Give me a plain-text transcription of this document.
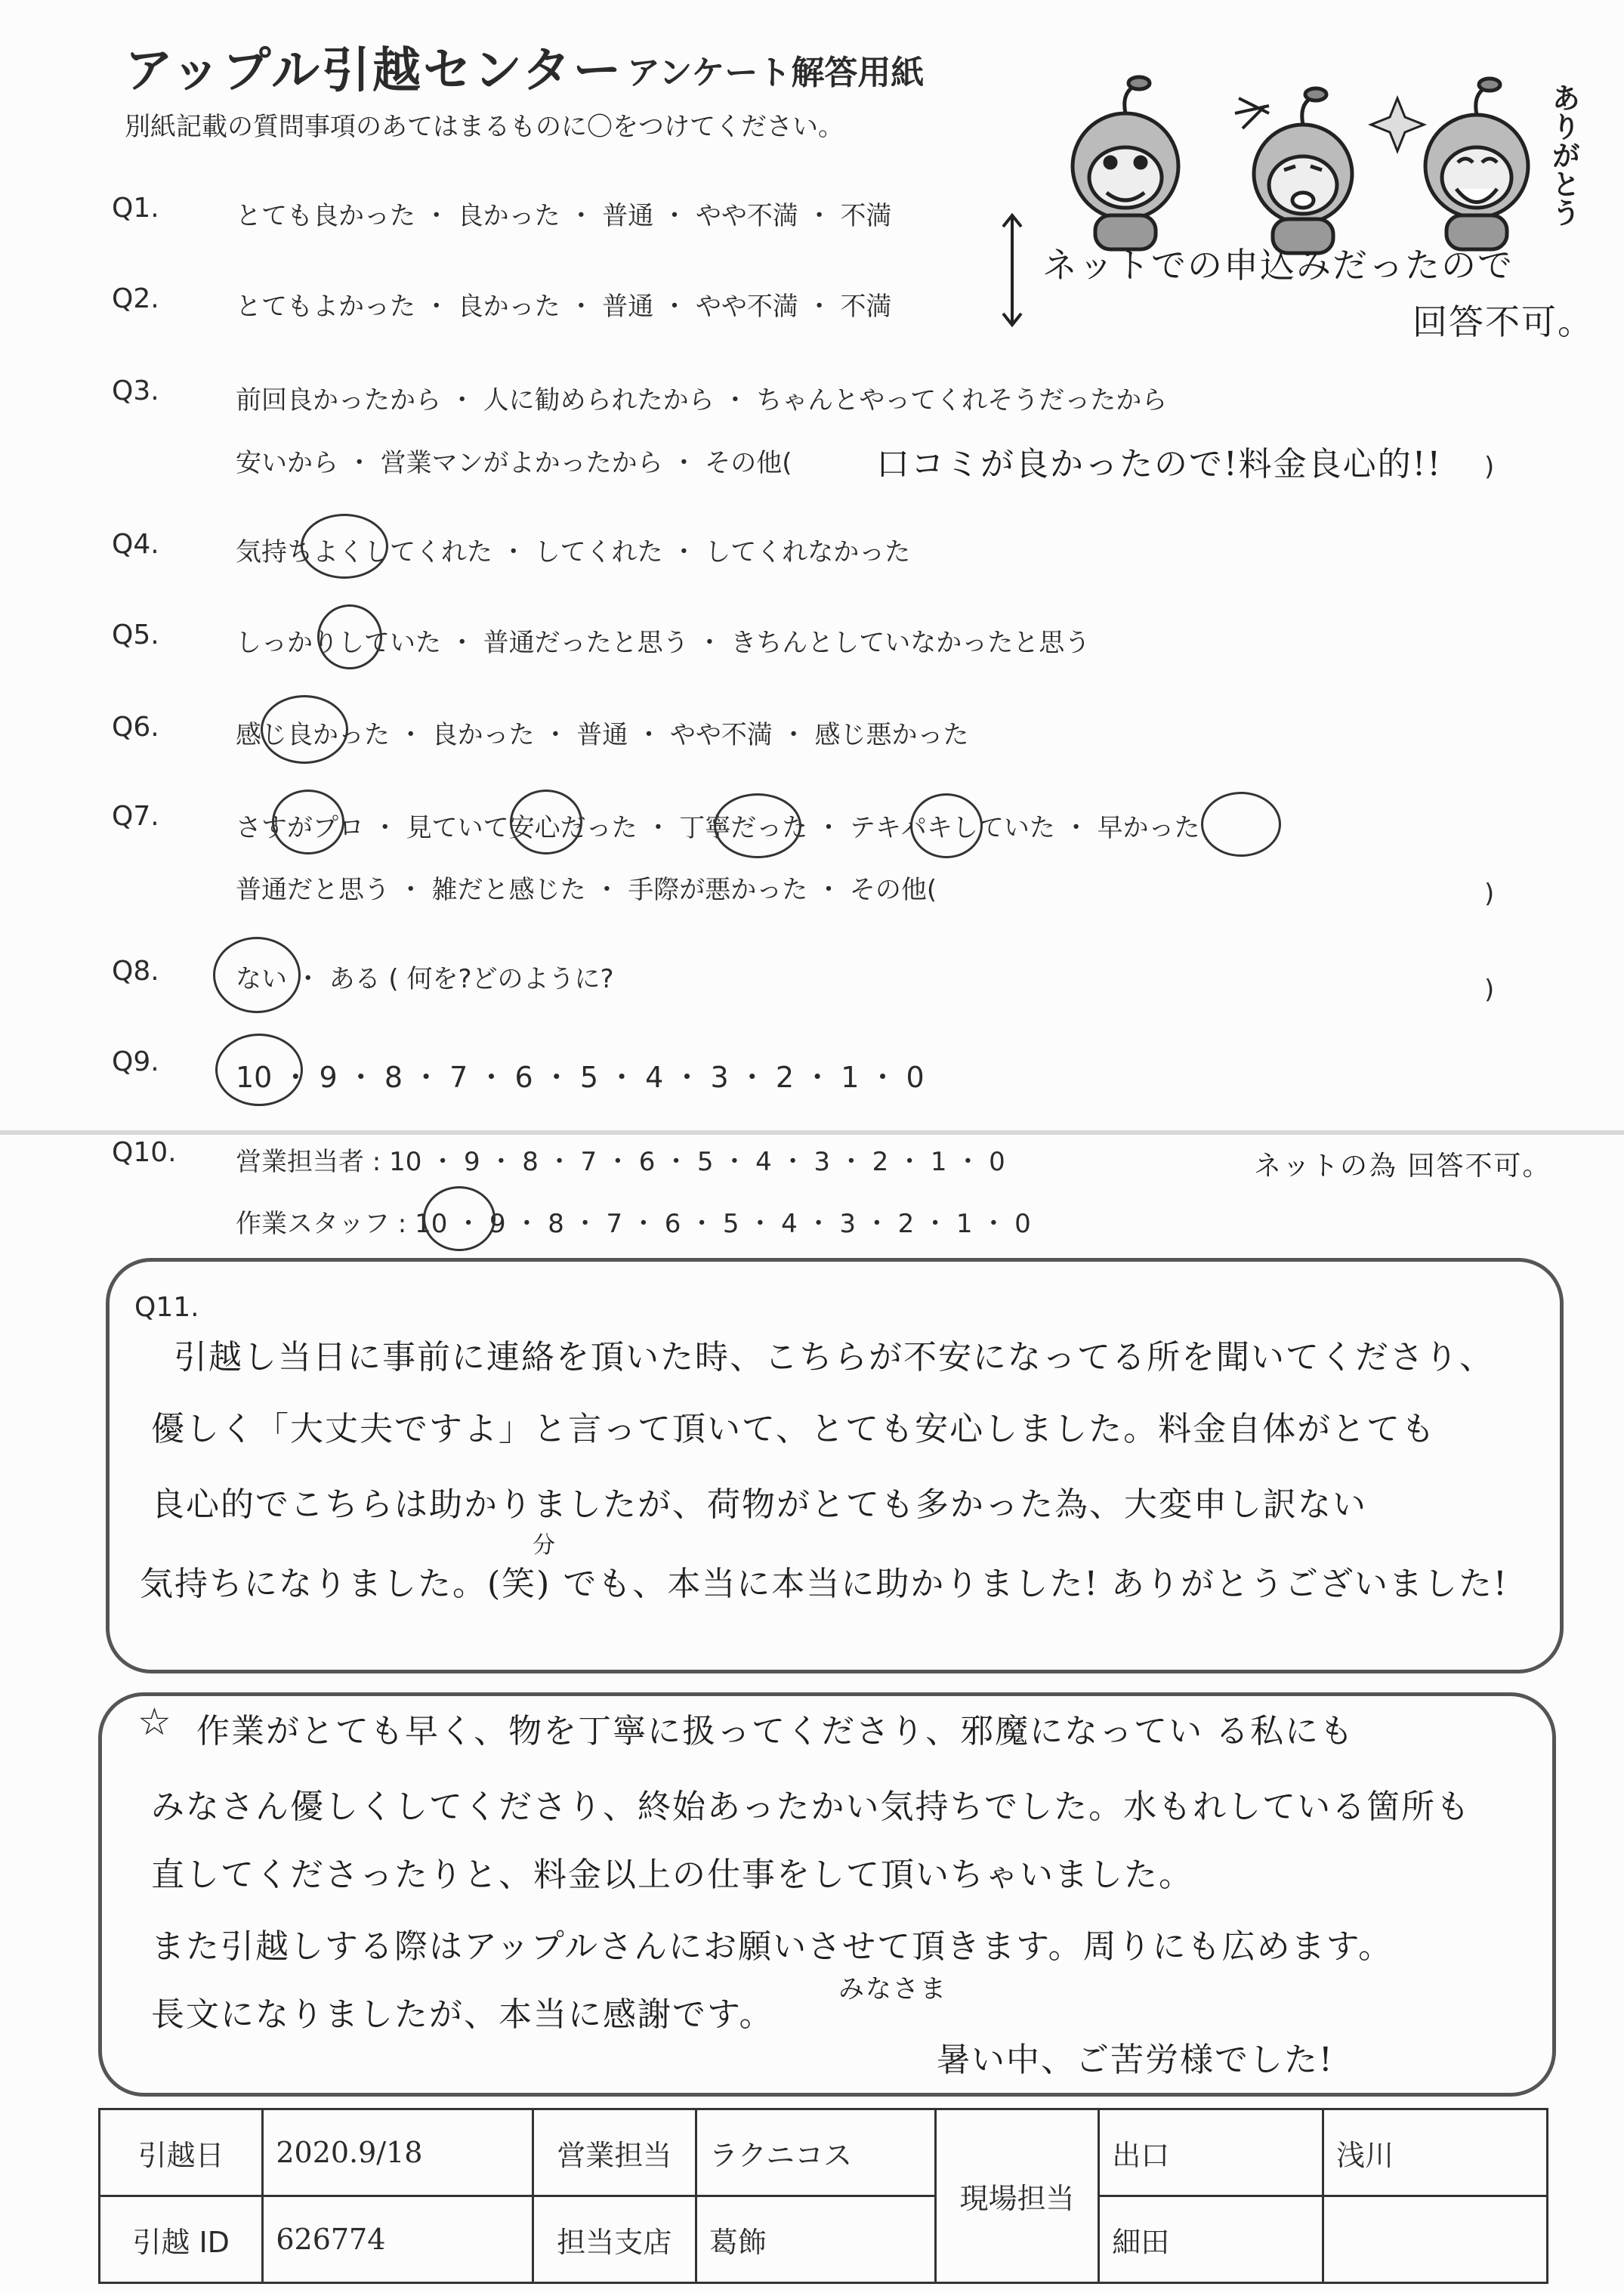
アップル引越センター アンケート解答用紙
別紙記載の質問事項のあてはまるものに〇をつけてください。	ありがとう
Q1.	とても良かった ・ 良かった ・ 普通 ・ やや不満 ・ 不満
Q2.	とてもよかった ・ 良かった ・ 普通 ・ やや不満 ・ 不満
Q3.	前回良かったから ・ 人に勧められたから ・ ちゃんとやってくれそうだったから
安いから ・ 営業マンがよかったから ・ その他(	)
Q4.	気持ちよくしてくれた ・ してくれた ・ してくれなかった
Q5.	しっかりしていた ・ 普通だったと思う ・ きちんとしていなかったと思う
Q6.	感じ良かった ・ 良かった ・ 普通 ・ やや不満 ・ 感じ悪かった
Q7.	さすがプロ ・ 見ていて安心だった ・ 丁寧だった ・ テキパキしていた ・ 早かった
普通だと思う ・ 雑だと感じた ・ 手際が悪かった ・ その他(	)
Q8.	ない ・ ある ( 何を?どのように?	)
Q9.	10 ・ 9 ・ 8 ・ 7 ・ 6 ・ 5 ・ 4 ・ 3 ・ 2 ・ 1 ・ 0
Q10. 営業担当者 : 10 ・ 9 ・ 8 ・ 7 ・ 6 ・ 5 ・ 4 ・ 3 ・ 2 ・ 1 ・ 0
作業スタッフ : 10 ・ 9 ・ 8 ・ 7 ・ 6 ・ 5 ・ 4 ・ 3 ・ 2 ・ 1 ・ 0
ネットでの申込みだったので
回答不可。
口コミが良かったので!料金良心的!!
ネットの為 回答不可。
Q11.
引越し当日に事前に連絡を頂いた時、こちらが不安になってる所を聞いてくださり、
優しく「大丈夫ですよ」と言って頂いて、とても安心しました。料金自体がとても
良心的でこちらは助かりましたが、荷物がとても多かった為、大変申し訳ない
分
気持ちになりました。(笑) でも、本当に本当に助かりました! ありがとうございました!
☆ 作業がとても早く、物を丁寧に扱ってくださり、邪魔になってい る私にも
みなさん優しくしてくださり、終始あったかい気持ちでした。水もれしている箇所も
直してくださったりと、料金以上の仕事をして頂いちゃいました。
また引越しする際はアップルさんにお願いさせて頂きます。周りにも広めます。
みなさま
長文になりましたが、本当に感謝です。
暑い中、ご苦労様でした!
引越日	2020.9/18	営業担当	ラクニコス	現場担当	出口	浅川
引越 ID	626774	担当支店	葛飾		細田	
